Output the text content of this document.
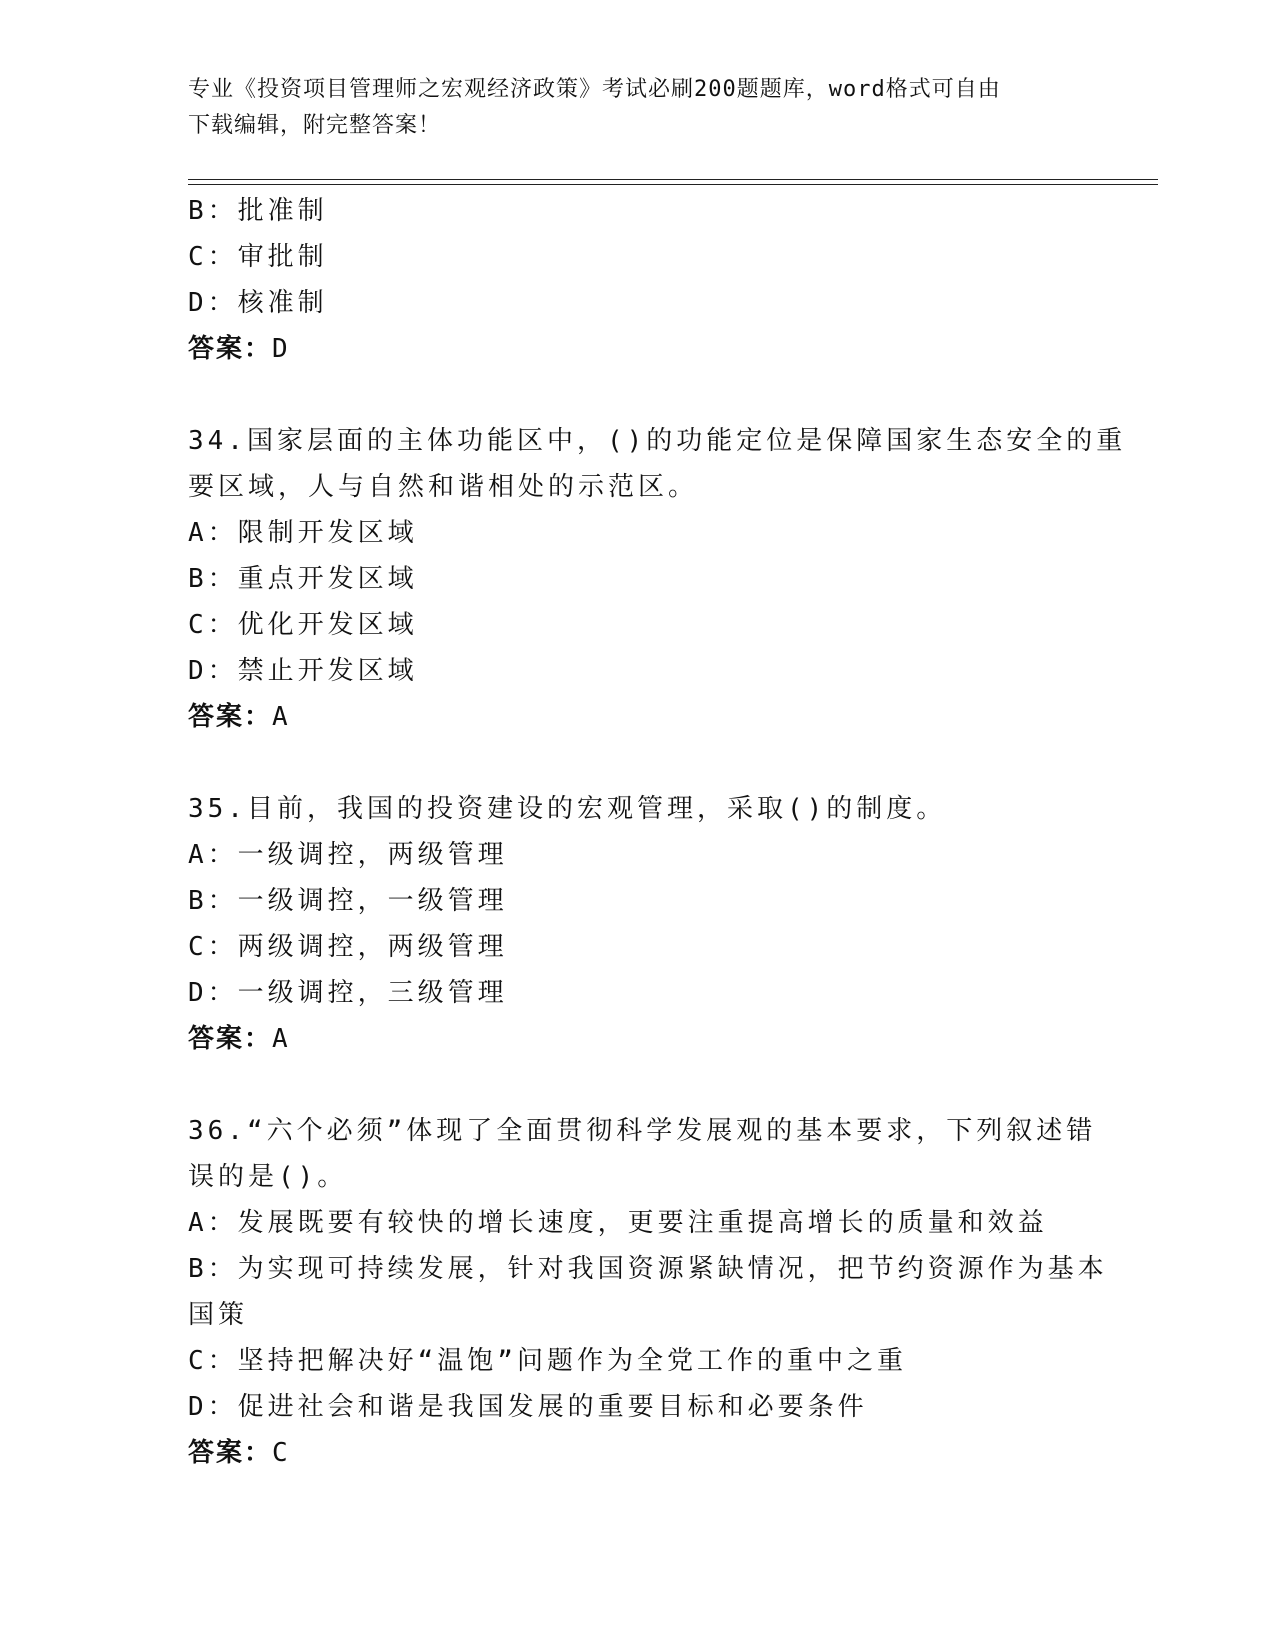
专业《投资项目管理师之宏观经济政策》考试必刷200题题库，word格式可自由
下载编辑，附完整答案！
B：批准制
C：审批制
D：核准制
答案：D
34.国家层面的主体功能区中，()的功能定位是保障国家生态安全的重
要区域，人与自然和谐相处的示范区。
A：限制开发区域
B：重点开发区域
C：优化开发区域
D：禁止开发区域
答案：A
35.目前，我国的投资建设的宏观管理，采取()的制度。
A：一级调控，两级管理
B：一级调控，一级管理
C：两级调控，两级管理
D：一级调控，三级管理
答案：A
36.“六个必须”体现了全面贯彻科学发展观的基本要求，下列叙述错
误的是()。
A：发展既要有较快的增长速度，更要注重提高增长的质量和效益
B：为实现可持续发展，针对我国资源紧缺情况，把节约资源作为基本
国策
C：坚持把解决好“温饱”问题作为全党工作的重中之重
D：促进社会和谐是我国发展的重要目标和必要条件
答案：C
